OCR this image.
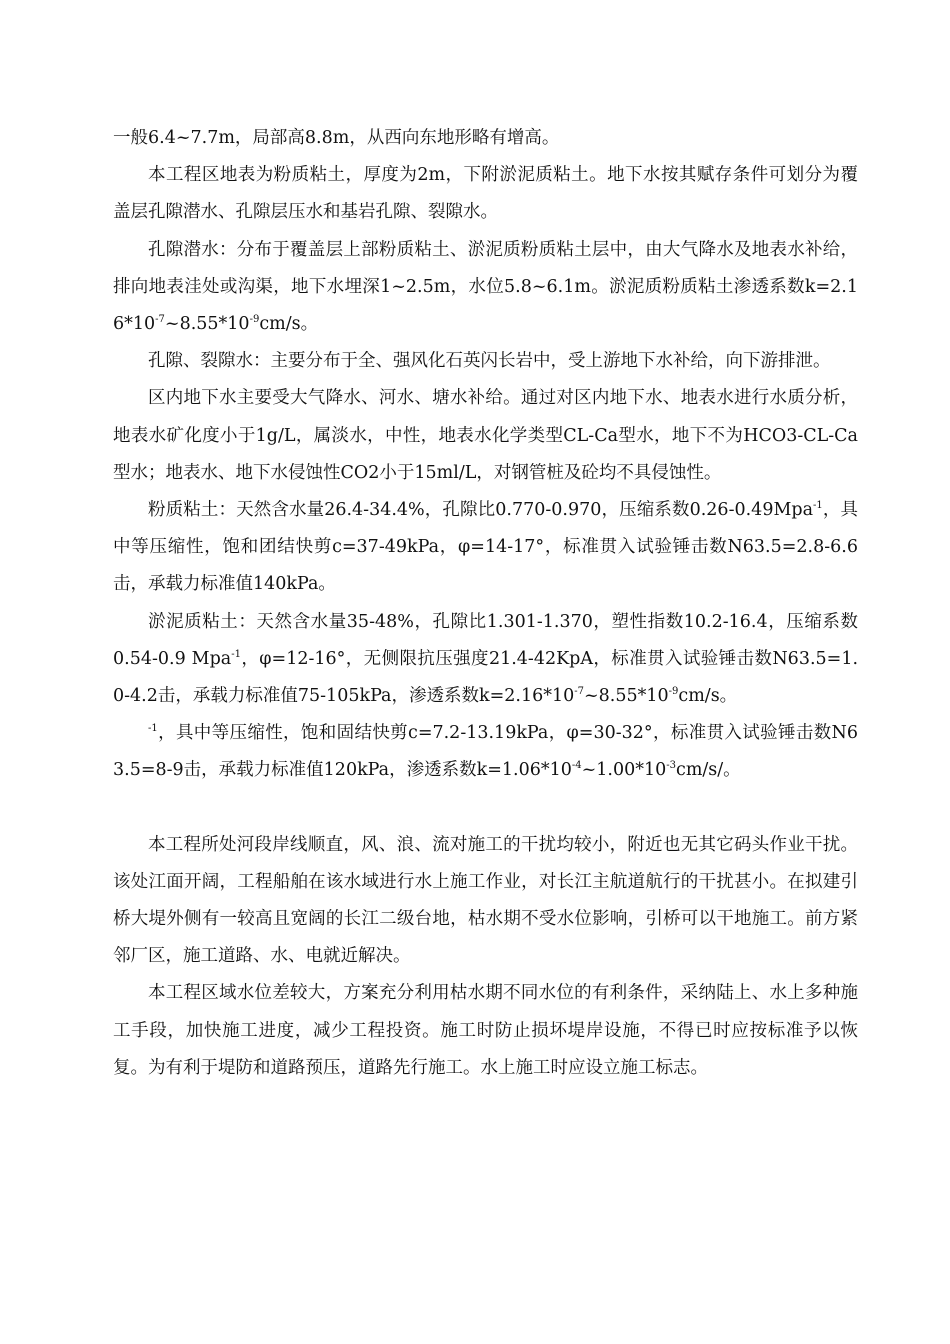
一般6.4~7.7m，局部高8.8m，从西向东地形略有增高。

本工程区地表为粉质粘土，厚度为2m，下附淤泥质粘土。地下水按其赋存条件可划分为覆盖层孔隙潜水、孔隙层压水和基岩孔隙、裂隙水。

孔隙潜水：分布于覆盖层上部粉质粘土、淤泥质粉质粘土层中，由大气降水及地表水补给，排向地表洼处或沟渠，地下水埋深1~2.5m，水位5.8~6.1m。淤泥质粉质粘土渗透系数$k=2.16*10^{-7}\sim 8.55*10^{-9}cm/s$。

孔隙、裂隙水：主要分布于全、强风化石英闪长岩中，受上游地下水补给，向下游排泄。

区内地下水主要受大气降水、河水、塘水补给。通过对区内地下水、地表水进行水质分析，地表水矿化度小于1g/L，属淡水，中性，地表水化学类型CL-Ca型水，地下不为HCO3-CL-Ca型水；地表水、地下水侵蚀性CO2小于15ml/L，对钢管桩及砼均不具侵蚀性。

粉质粘土：天然含水量26.4-34.4%，孔隙比0.770-0.970，压缩系数0.26-0.49Mpa$^{-1}$，具中等压缩性，饱和团结快剪c=37-49kPa，φ=14-17°，标准贯入试验锤击数N63.5=2.8-6.6击，承载力标准值140kPa。

淤泥质粘土：天然含水量35-48%，孔隙比1.301-1.370，塑性指数10.2-16.4，压缩系数0.54-0.9 Mpa$^{-1}$，φ=12-16°，无侧限抗压强度21.4-42KpA，标准贯入试验锤击数N63.5=1.0-4.2击，承载力标准值75-105kPa，渗透系数$k=2.16*10^{-7}\sim 8.55*10^{-9}cm/s$。

$^{-1}$，具中等压缩性，饱和固结快剪c=7.2-13.19kPa，φ=30-32°，标准贯入试验锤击数N63.5=8-9击，承载力标准值120kPa，渗透系数$k=1.06*10^{-4}\sim 1.00*10^{-3}cm/s/$。

本工程所处河段岸线顺直，风、浪、流对施工的干扰均较小，附近也无其它码头作业干扰。该处江面开阔，工程船舶在该水域进行水上施工作业，对长江主航道航行的干扰甚小。在拟建引桥大堤外侧有一较高且宽阔的长江二级台地，枯水期不受水位影响，引桥可以干地施工。前方紧邻厂区，施工道路、水、电就近解决。

本工程区域水位差较大，方案充分利用枯水期不同水位的有利条件，采纳陆上、水上多种施工手段，加快施工进度，减少工程投资。施工时防止损坏堤岸设施，不得已时应按标准予以恢复。为有利于堤防和道路预压，道路先行施工。水上施工时应设立施工标志。
